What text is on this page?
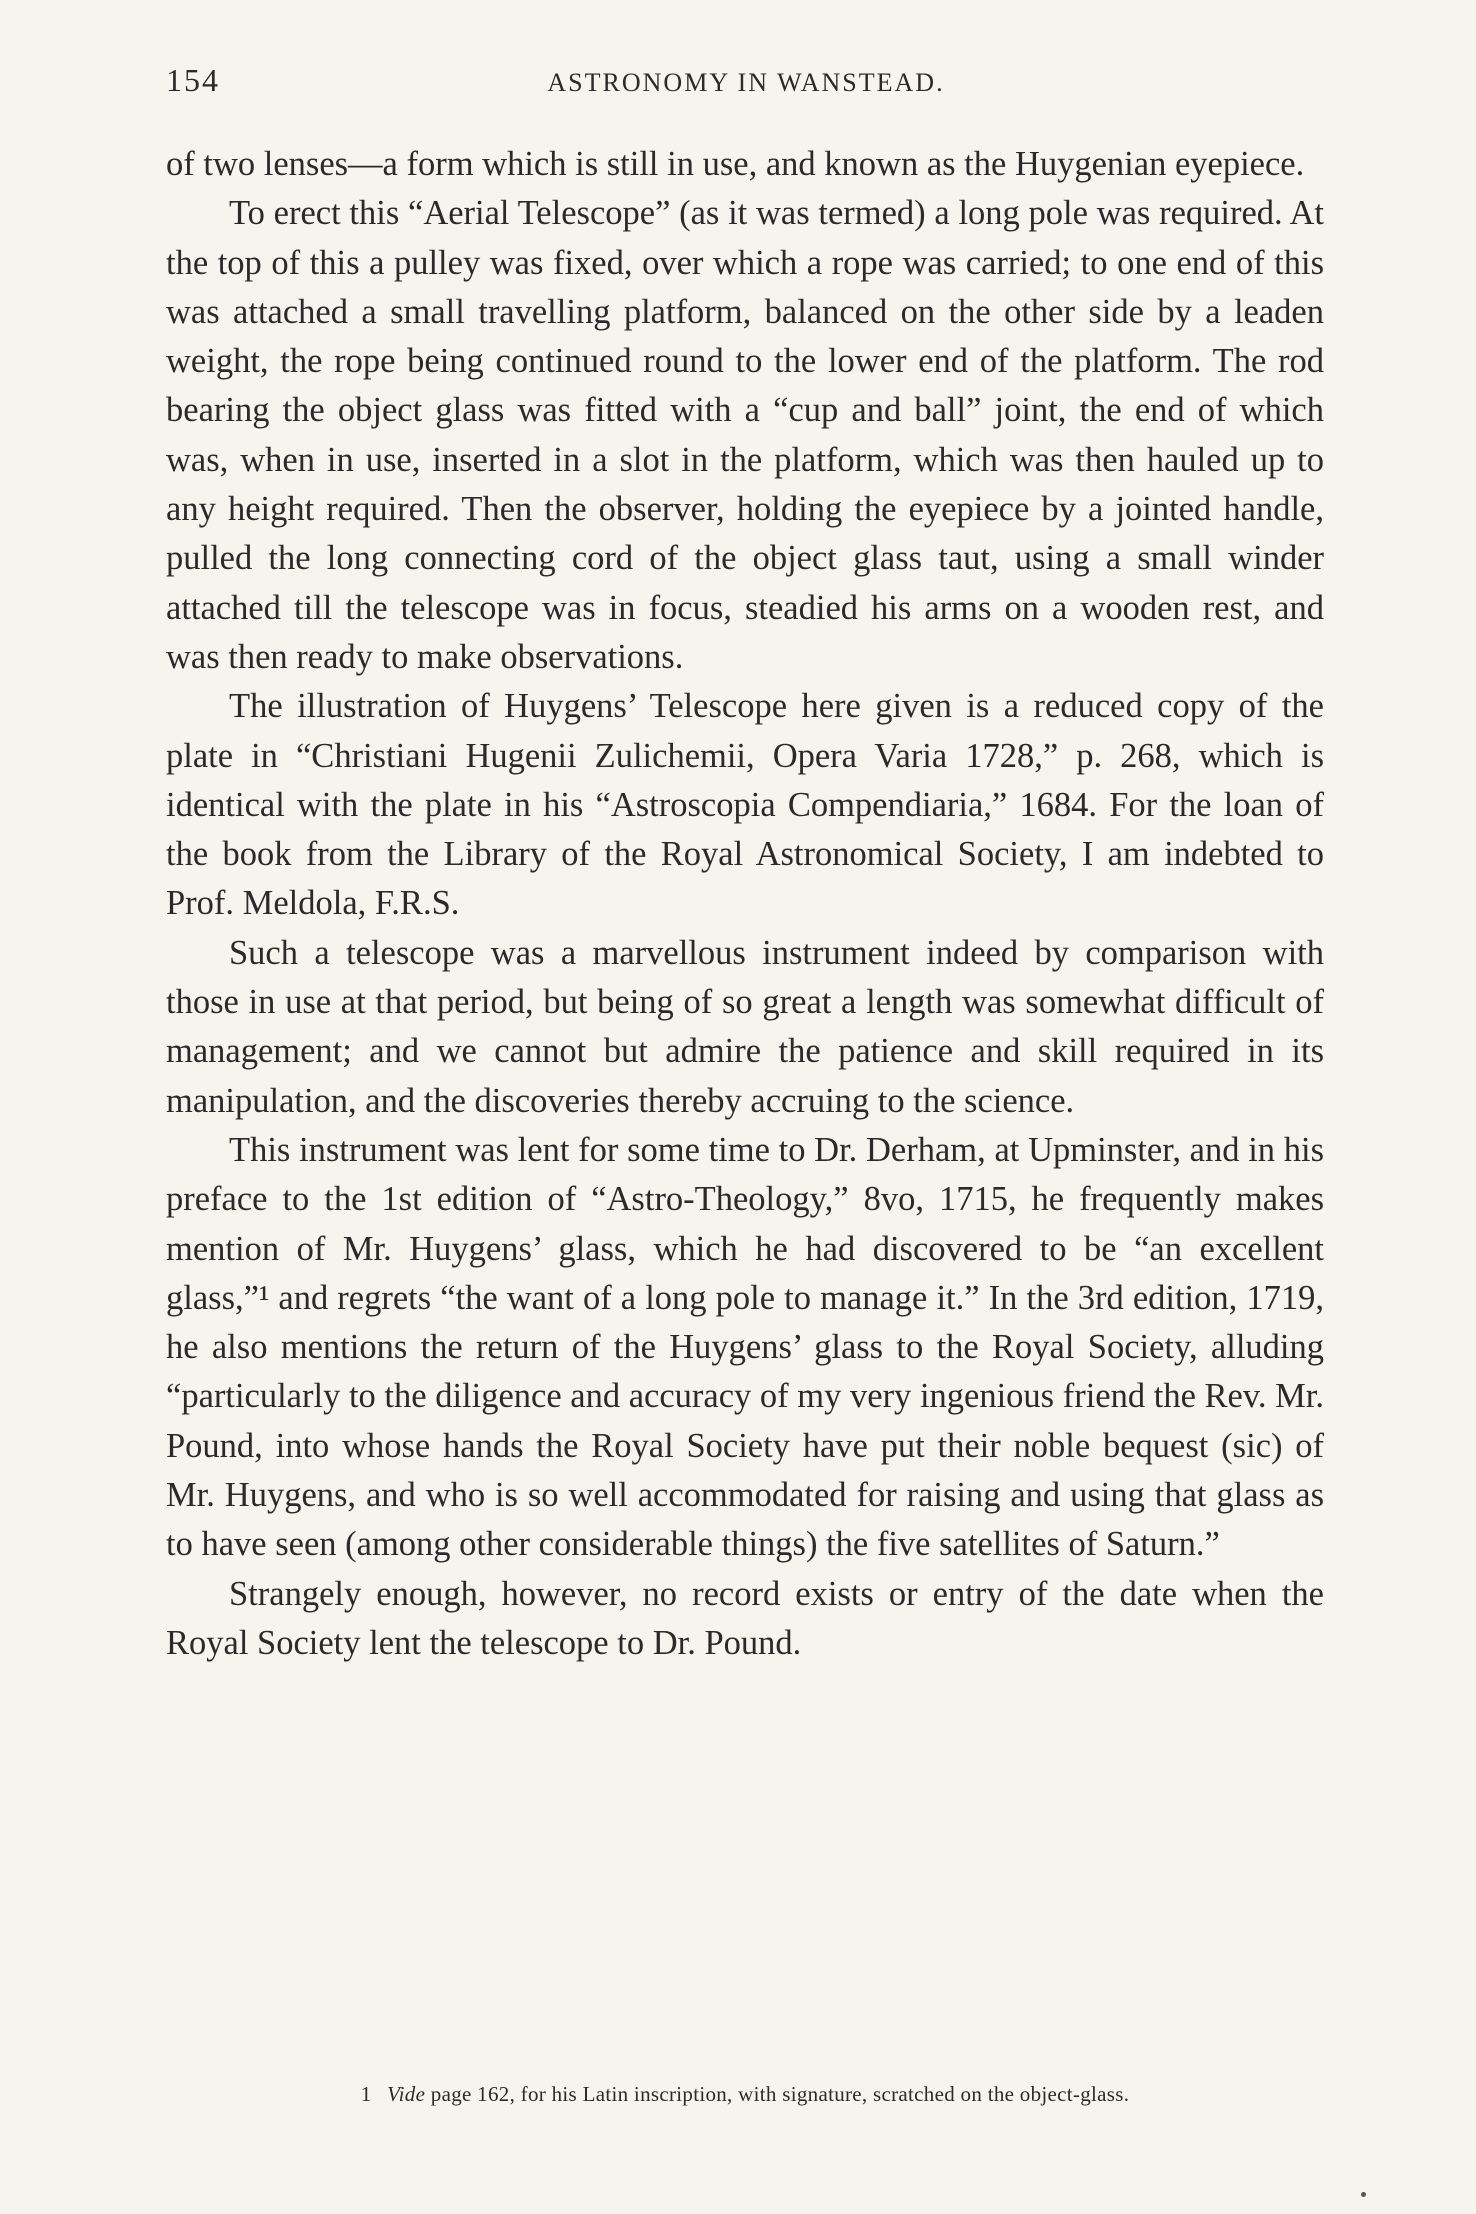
154	ASTRONOMY IN WANSTEAD.

of two lenses—a form which is still in use, and known as the Huygenian eyepiece.

To erect this “Aerial Telescope” (as it was termed) a long pole was required. At the top of this a pulley was fixed, over which a rope was carried; to one end of this was attached a small travelling platform, balanced on the other side by a leaden weight, the rope being continued round to the lower end of the platform. The rod bearing the object glass was fitted with a “cup and ball” joint, the end of which was, when in use, inserted in a slot in the platform, which was then hauled up to any height required. Then the observer, holding the eyepiece by a jointed handle, pulled the long connecting cord of the object glass taut, using a small winder attached till the telescope was in focus, steadied his arms on a wooden rest, and was then ready to make observations.

The illustration of Huygens’ Telescope here given is a reduced copy of the plate in “Christiani Hugenii Zulichemii, Opera Varia 1728,” p. 268, which is identical with the plate in his “Astroscopia Compendiaria,” 1684. For the loan of the book from the Library of the Royal Astronomical Society, I am indebted to Prof. Meldola, F.R.S.

Such a telescope was a marvellous instrument indeed by comparison with those in use at that period, but being of so great a length was somewhat difficult of management; and we cannot but admire the patience and skill required in its manipulation, and the discoveries thereby accruing to the science.

This instrument was lent for some time to Dr. Derham, at Upminster, and in his preface to the 1st edition of “Astro-Theology,” 8vo, 1715, he frequently makes mention of Mr. Huygens’ glass, which he had discovered to be “an excellent glass,”¹ and regrets “the want of a long pole to manage it.” In the 3rd edition, 1719, he also mentions the return of the Huygens’ glass to the Royal Society, alluding “particularly to the diligence and accuracy of my very ingenious friend the Rev. Mr. Pound, into whose hands the Royal Society have put their noble bequest (sic) of Mr. Huygens, and who is so well accommodated for raising and using that glass as to have seen (among other considerable things) the five satellites of Saturn.”

Strangely enough, however, no record exists or entry of the date when the Royal Society lent the telescope to Dr. Pound.

1 Vide page 162, for his Latin inscription, with signature, scratched on the object-glass.
